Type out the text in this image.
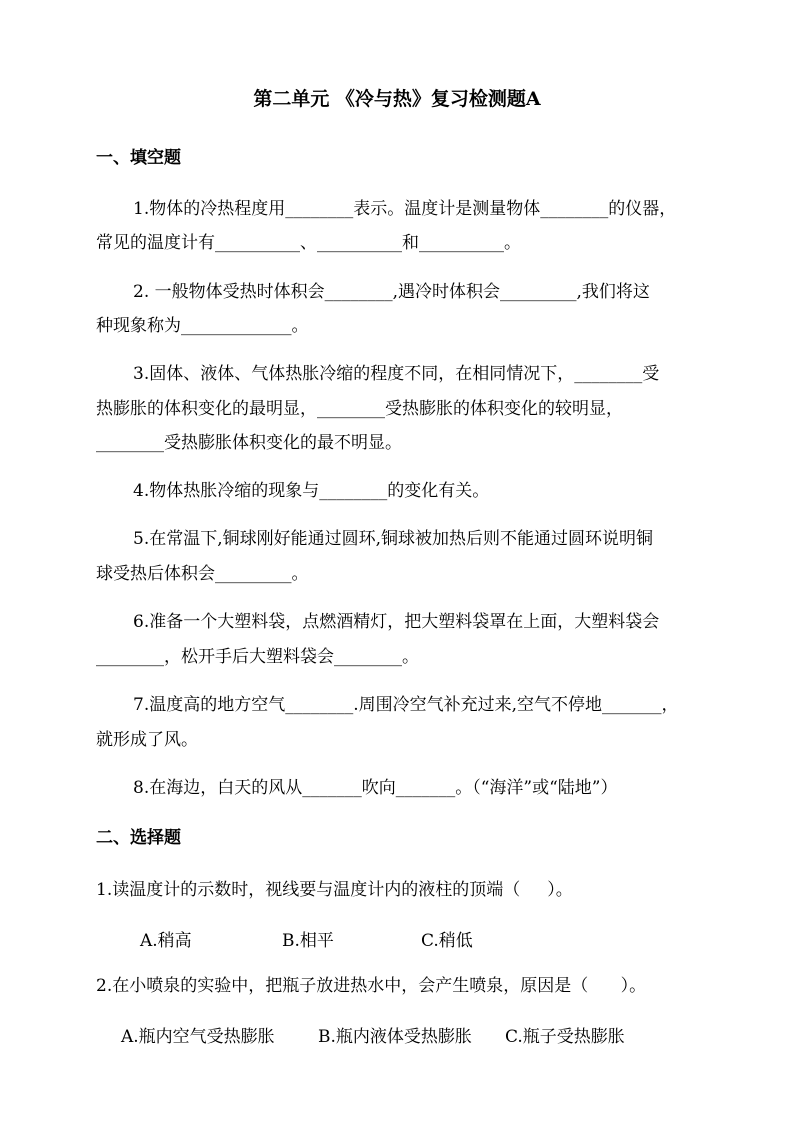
第二单元 《冷与热》复习检测题A
一、填空题
1.物体的冷热程度用________表示。温度计是测量物体________的仪器，
常见的温度计有__________、__________和__________。
2. 一般物体受热时体积会________,遇冷时体积会_________,我们将这
种现象称为_____________。
3.固体、液体、气体热胀冷缩的程度不同，在相同情况下，________受
热膨胀的体积变化的最明显，________受热膨胀的体积变化的较明显，
________受热膨胀体积变化的最不明显。
4.物体热胀冷缩的现象与________的变化有关。
5.在常温下,铜球刚好能通过圆环,铜球被加热后则不能通过圆环说明铜
球受热后体积会_________。
6.准备一个大塑料袋，点燃酒精灯，把大塑料袋罩在上面，大塑料袋会
________，松开手后大塑料袋会________。
7.温度高的地方空气________.周围冷空气补充过来,空气不停地_______，
就形成了风。
8.在海边，白天的风从_______吹向_______。（“海洋”或“陆地”）
二、选择题
1.读温度计的示数时，视线要与温度计内的液柱的顶端（     ）。
A.稍高	B.相平	C.稍低
2.在小喷泉的实验中，把瓶子放进热水中，会产生喷泉，原因是（      ）。
A.瓶内空气受热膨胀	B.瓶内液体受热膨胀 C.瓶子受热膨胀
